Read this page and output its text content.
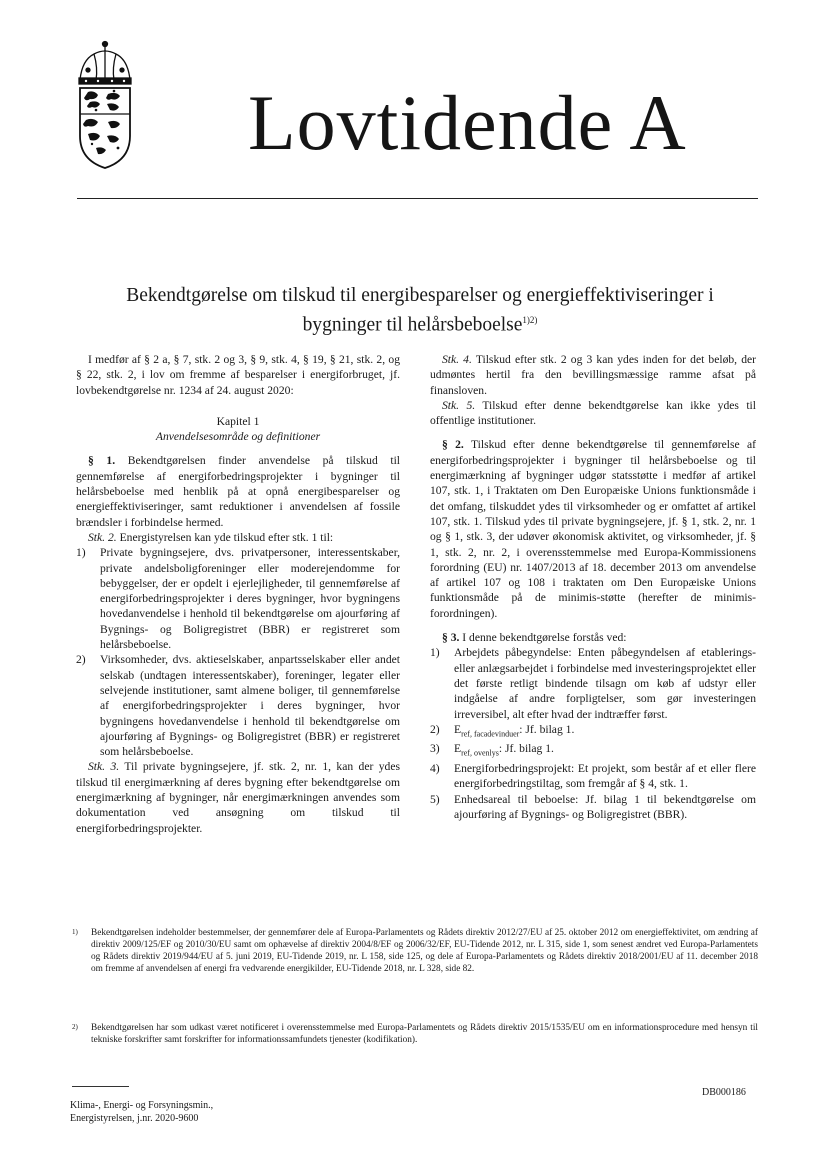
Lovtidende A
Bekendtgørelse om tilskud til energibesparelser og energieffektiviseringer i
bygninger til helårsbeboelse$^{1)2)}$

I medfør af § 2 a, § 7, stk. 2 og 3, § 9, stk. 4, § 19, § 21, stk. 2, og § 22, stk. 2, i lov om fremme af besparelser i energiforbruget, jf. lovbekendtgørelse nr. 1234 af 24. august 2020:

Kapitel 1

Anvendelsesområde og definitioner

§ 1. Bekendtgørelsen finder anvendelse på tilskud til gennemførelse af energiforbedringsprojekter i bygninger til helårsbeboelse med henblik på at opnå energibesparelser og energieffektiviseringer, samt reduktioner i anvendelsen af fossile brændsler i forbindelse hermed.

Stk. 2. Energistyrelsen kan yde tilskud efter stk. 1 til:

1)	Private bygningsejere, dvs. privatpersoner, interessentskaber, private andelsboligforeninger eller moderejendomme for bebyggelser, der er opdelt i ejerlejligheder, til gennemførelse af energiforbedringsprojekter i deres bygninger, hvor bygningens hovedanvendelse i henhold til bekendtgørelse om ajourføring af Bygnings- og Boligregistret (BBR) er registreret som helårsbeboelse.
2)	Virksomheder, dvs. aktieselskaber, anpartsselskaber eller andet selskab (undtagen interessentskaber), foreninger, legater eller selvejende institutioner, samt almene boliger, til gennemførelse af energiforbedringsprojekter i deres bygninger, hvor bygningens hovedanvendelse i henhold til bekendtgørelse om ajourføring af Bygnings- og Boligregistret (BBR) er registreret som helårsbeboelse.

Stk. 3. Til private bygningsejere, jf. stk. 2, nr. 1, kan der ydes tilskud til energimærkning af deres bygning efter bekendtgørelse om energimærkning af bygninger, når energimærkningen anvendes som dokumentation ved ansøgning om tilskud til energiforbedringsprojekter.

Stk. 4. Tilskud efter stk. 2 og 3 kan ydes inden for det beløb, der udmøntes hertil fra den bevillingsmæssige ramme afsat på finansloven.

Stk. 5. Tilskud efter denne bekendtgørelse kan ikke ydes til offentlige institutioner.

§ 2. Tilskud efter denne bekendtgørelse til gennemførelse af energiforbedringsprojekter i bygninger til helårsbeboelse og til energimærkning af bygninger udgør statsstøtte i medfør af artikel 107, stk. 1, i Traktaten om Den Europæiske Unions funktionsmåde i det omfang, tilskuddet ydes til virksomheder og er omfattet af artikel 107, stk. 1. Tilskud ydes til private bygningsejere, jf. § 1, stk. 2, nr. 1 og § 1, stk. 3, der udøver økonomisk aktivitet, og virksomheder, jf. § 1, stk. 2, nr. 2, i overensstemmelse med Europa-Kommissionens forordning (EU) nr. 1407/2013 af 18. december 2013 om anvendelse af artikel 107 og 108 i traktaten om Den Europæiske Unions funktionsmåde på de minimis-støtte (herefter de minimis-forordningen).

§ 3. I denne bekendtgørelse forstås ved:

1)	Arbejdets påbegyndelse: Enten påbegyndelsen af etablerings- eller anlægsarbejdet i forbindelse med investeringsprojektet eller det første retligt bindende tilsagn om køb af udstyr eller indgåelse af andre forpligtelser, som gør investeringen irreversibel, alt efter hvad der indtræffer først.
2)	$E_{ref, facadevinduer}$: Jf. bilag 1.
3)	$E_{ref, ovenlys}$: Jf. bilag 1.
4)	Energiforbedringsprojekt: Et projekt, som består af et eller flere energiforbedringstiltag, som fremgår af § 4, stk. 1.
5)	Enhedsareal til beboelse: Jf. bilag 1 til bekendtgørelse om ajourføring af Bygnings- og Boligregistret (BBR).
1)	Bekendtgørelsen indeholder bestemmelser, der gennemfører dele af Europa-Parlamentets og Rådets direktiv 2012/27/EU af 25. oktober 2012 om energieffektivitet, om ændring af direktiv 2009/125/EF og 2010/30/EU samt om ophævelse af direktiv 2004/8/EF og 2006/32/EF, EU-Tidende 2012, nr. L 315, side 1, som senest ændret ved Europa-Parlamentets og Rådets direktiv 2019/944/EU af 5. juni 2019, EU-Tidende 2019, nr. L 158, side 125, og dele af Europa-Parlamentets og Rådets direktiv 2018/2001/EU af 11. december 2018 om fremme af anvendelsen af energi fra vedvarende energikilder, EU-Tidende 2018, nr. L 328, side 82.
2)	Bekendtgørelsen har som udkast været notificeret i overensstemmelse med Europa-Parlamentets og Rådets direktiv 2015/1535/EU om en informationsprocedure med hensyn til tekniske forskrifter samt forskrifter for informationssamfundets tjenester (kodifikation).
DB000186
Klima-, Energi- og Forsyningsmin.,
Energistyrelsen, j.nr. 2020-9600
